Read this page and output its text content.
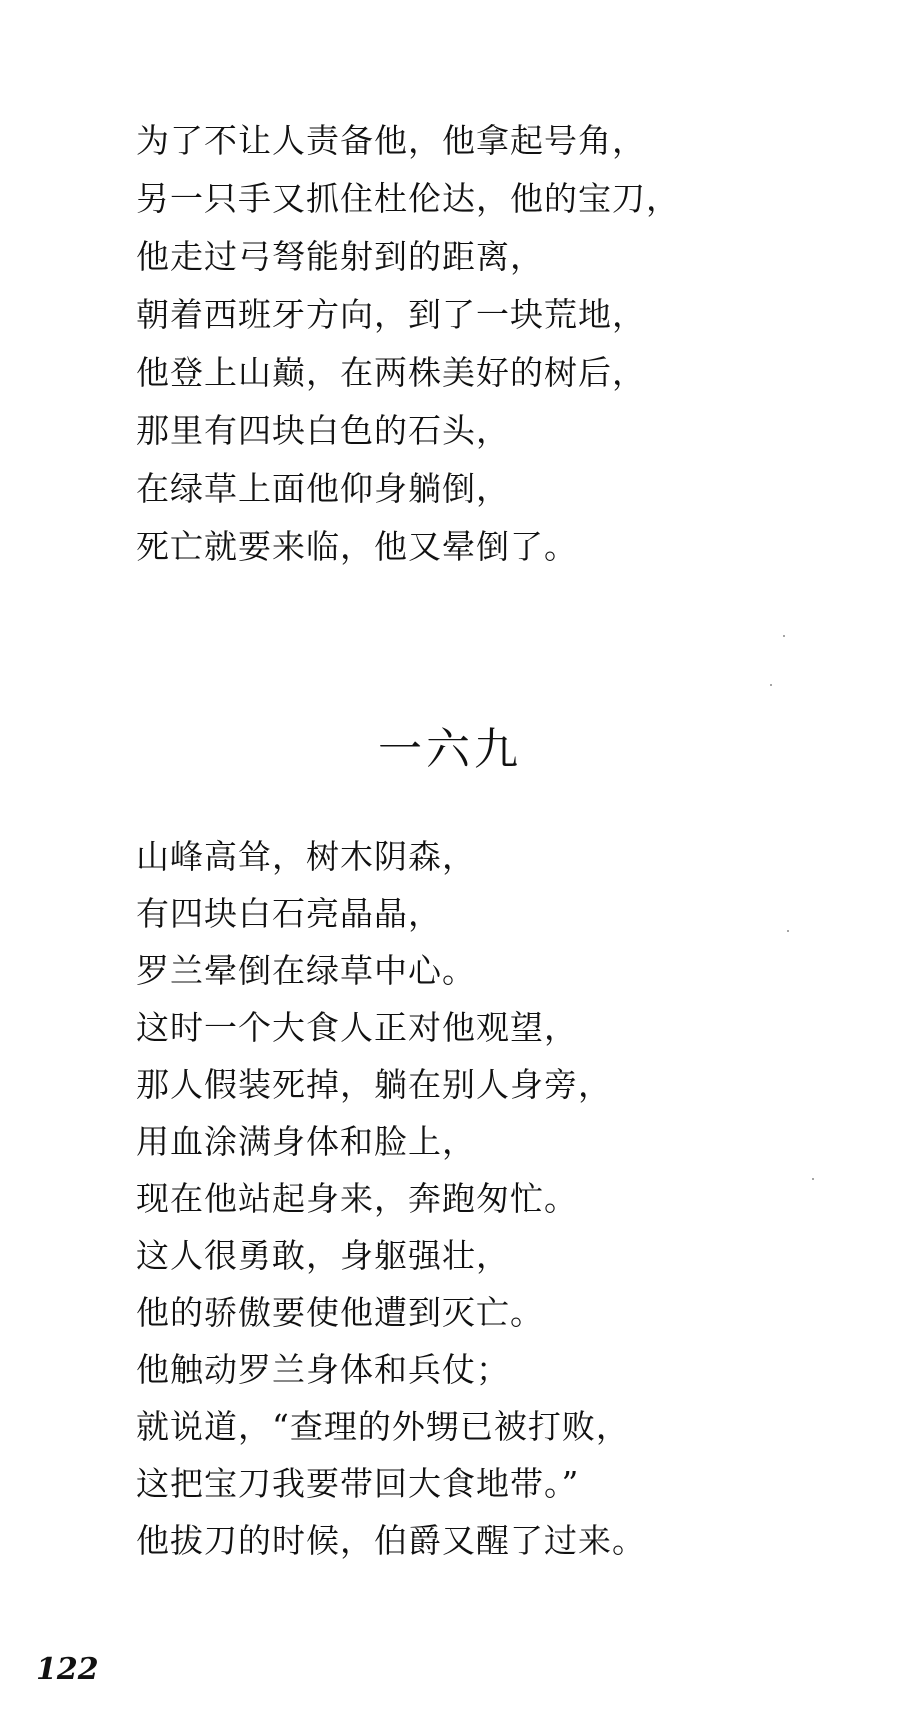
为了不让人责备他，他拿起号角，
另一只手又抓住杜伦达，他的宝刀，
他走过弓弩能射到的距离，
朝着西班牙方向，到了一块荒地，
他登上山巅，在两株美好的树后，
那里有四块白色的石头，
在绿草上面他仰身躺倒，
死亡就要来临，他又晕倒了。
一六九
山峰高耸，树木阴森，
有四块白石亮晶晶，
罗兰晕倒在绿草中心。
这时一个大食人正对他观望，
那人假装死掉，躺在别人身旁，
用血涂满身体和脸上，
现在他站起身来，奔跑匆忙。
这人很勇敢，身躯强壮，
他的骄傲要使他遭到灭亡。
他触动罗兰身体和兵仗；
就说道，“查理的外甥已被打败，
这把宝刀我要带回大食地带。”
他拔刀的时候，伯爵又醒了过来。
122
